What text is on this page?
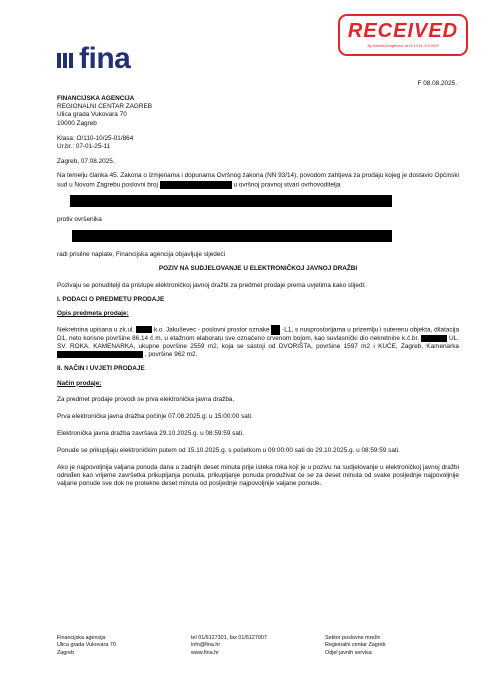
RECEIVED
By kristina.komljenovic at 11:13:14, 8.8.2025
fina
F 08.08.2025.
FINANCIJSKA AGENCIJA
REGIONALNI CENTAR ZAGREB
Ulica grada Vukovara 70
10000 Zagreb
Klasa: O/110-10/25-01/864
Ur.br.: 07-01-25-11

Zagreb, 07.08.2025.

Na temelju članka 45. Zakona o izmjenama i dopunama Ovršnog zakona (NN 93/14), povodom zahtjeva za prodaju kojeg je dostavio Općinski sud u Novom Zagrebu poslovni broj	u ovršnoj pravnoj stvari ovrhovoditelja

protiv ovršenika

radi prisilne naplate, Financijska agencija objavljuje sljedeći

POZIV NA SUDJELOVANJE U ELEKTRONIČKOJ JAVNOJ DRAŽBI

Pozivaju se ponuditelji da pristupe elektroničkoj javnoj dražbi za predmet prodaje prema uvjetima kako slijedi:

I. PODACI O PREDMETU PRODAJE

Opis predmeta prodaje:

Nekretnina upisana u zk.ul.	k.o. Jakuševec - poslovni prostor oznake -L1, s nusprostorijama u prizemlju i suterenu objekta, dilatacija D1, neto korisne površine 86,14 č m, u etažnom elaboratu sve označeno crvenom bojom, kao suvlasnički dio nekretnine k.č.br.	UL. SV. ROKA, KAMENARKA, ukupne površine 2559 m2, koja se sastoji od DVORIŠTA, površine 1597 m2 i KUĆE, Zagreb, Kamenarka  , površine 962 m2.

II. NAČIN I UVJETI PRODAJE

Način prodaje:

Za predmet prodaje provodi se prva elektronička javna dražba.

Prva elektronička javna dražba počinje 07.08.2025.g. u 15:00:00 sati.

Elektronička javna dražba završava 29.10.2025.g. u 08:59:59 sati.

Ponude se prikupljaju elektroničkim putem od 15.10.2025.g. s početkom u 09:00:00 sati do 29.10.2025.g. u 08:59:59 sati.

Ako je najpovoljnija valjana ponuda dana u zadnjih deset minuta prije isteka roka koji je u pozivu na sudjelovanje u elektroničkoj javnoj dražbi određen kao vrijeme završetka prikupljanja ponuda, prikupljanje ponuda produživat će se za deset minuta od svake posljednje najpovoljnije valjane ponude sve dok ne protekne deset minuta od posljednje najpovoljnije valjane ponude.

Financijska agencija
Ulica grada Vukovara 70
Zagreb
tel 01/6127301, fax 01/6127007
info@fina.hr
www.fina.hr
Sektor poslovne mreže
Regionalni centar Zagreb
Odjel javnih servisa
